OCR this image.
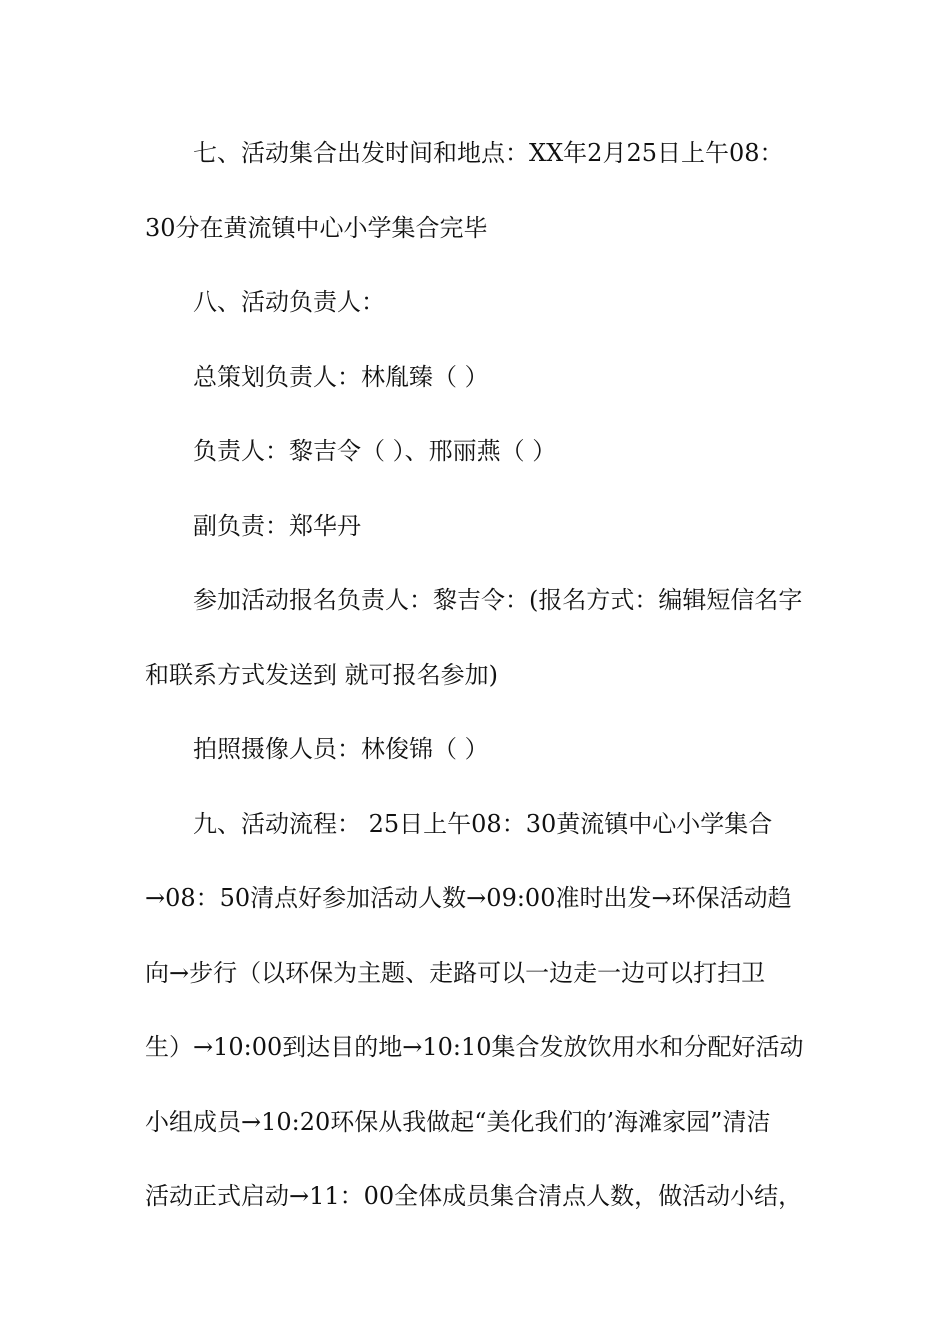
七、活动集合出发时间和地点：XX年2月25日上午08：
30分在黄流镇中心小学集合完毕
八、活动负责人：
总策划负责人：林胤臻（ ）
负责人：黎吉令（ ）、邢丽燕（ ）
副负责：郑华丹
参加活动报名负责人：黎吉令：(报名方式：编辑短信名字
和联系方式发送到 就可报名参加)
拍照摄像人员：林俊锦（ ）
九、活动流程： 25日上午08：30黄流镇中心小学集合
→08：50清点好参加活动人数→09:00准时出发→环保活动趋
向→步行（以环保为主题、走路可以一边走一边可以打扫卫
生）→10:00到达目的地→10:10集合发放饮用水和分配好活动
小组成员→10:20环保从我做起“美化我们的’海滩家园”清洁
活动正式启动→11：00全体成员集合清点人数，做活动小结，
